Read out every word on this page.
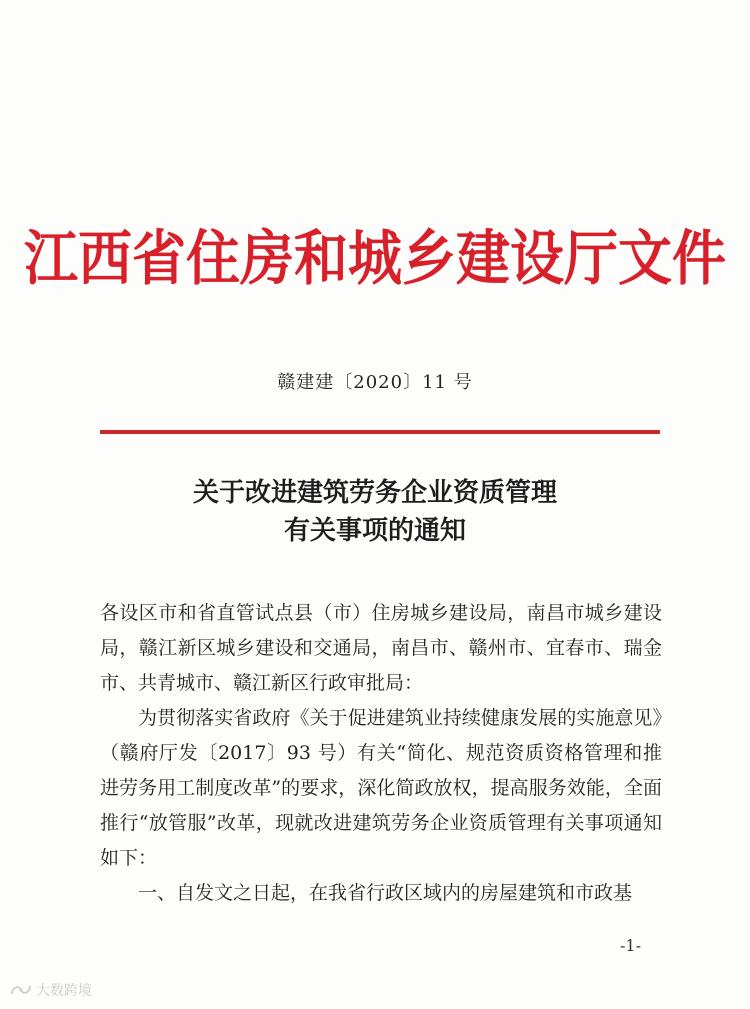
江西省住房和城乡建设厅文件
赣建建〔2020〕11 号
关于改进建筑劳务企业资质管理
有关事项的通知

各设区市和省直管试点县（市）住房城乡建设局，南昌市城乡建设局，赣江新区城乡建设和交通局，南昌市、赣州市、宜春市、瑞金市、共青城市、赣江新区行政审批局：

为贯彻落实省政府《关于促进建筑业持续健康发展的实施意见》（赣府厅发〔2017〕93 号）有关“简化、规范资质资格管理和推进劳务用工制度改革”的要求，深化简政放权，提高服务效能，全面推行“放管服”改革，现就改进建筑劳务企业资质管理有关事项通知如下：

一、自发文之日起，在我省行政区域内的房屋建筑和市政基

-1-
大数跨境
